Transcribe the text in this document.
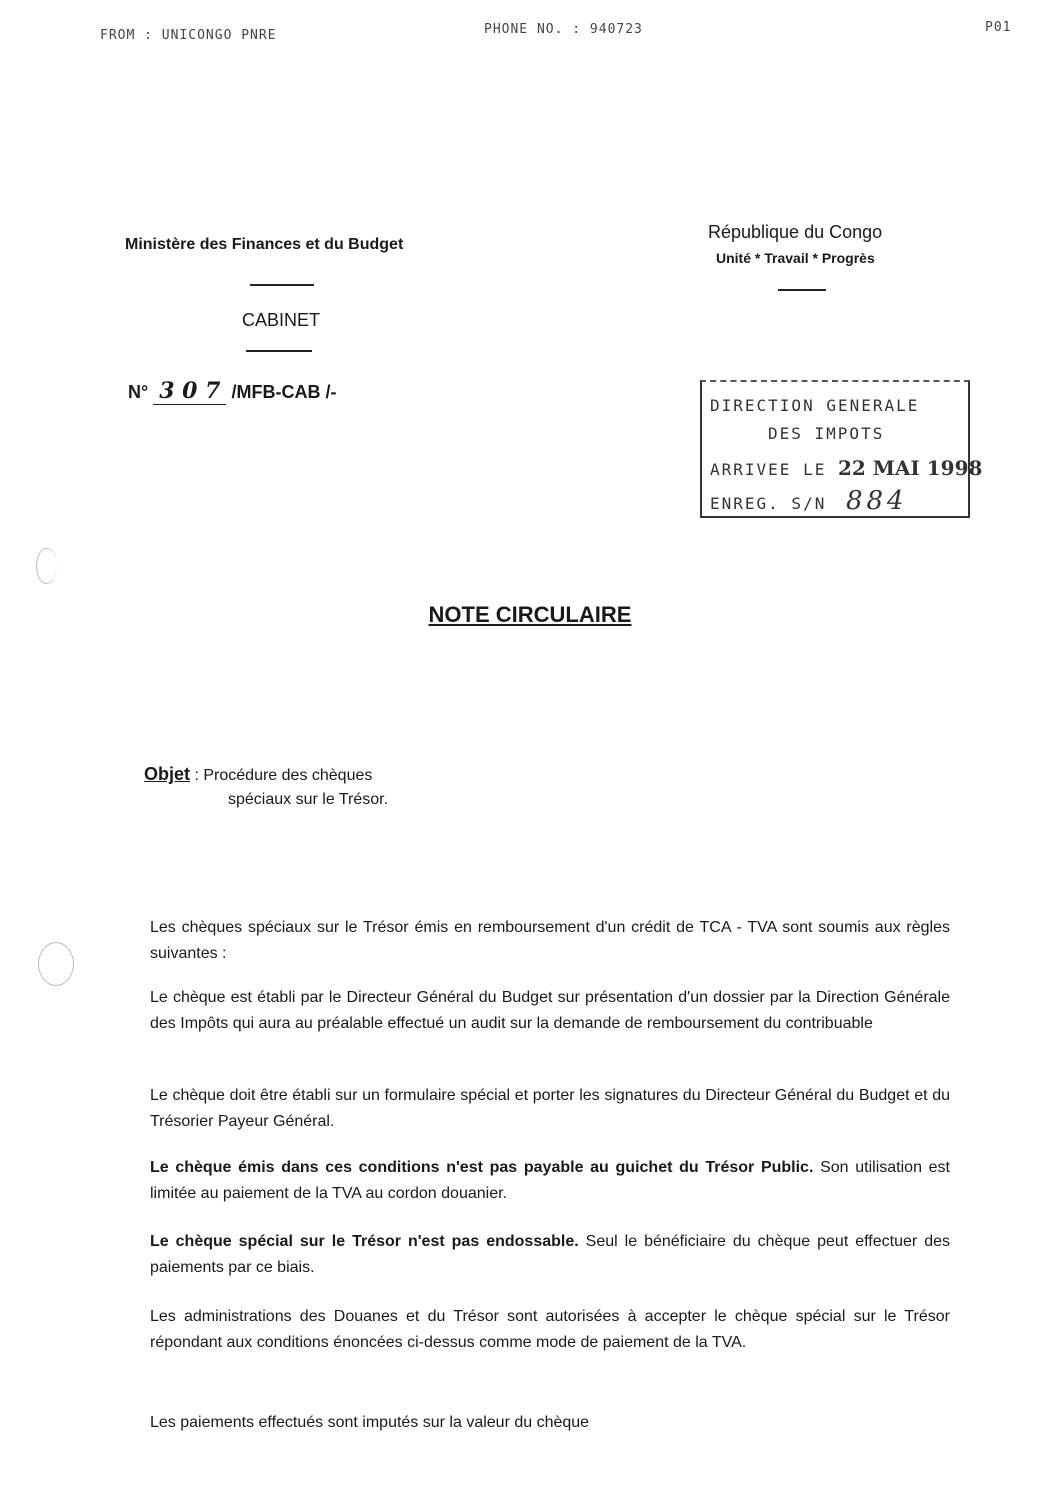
FROM : UNICONGO PNRE	PHONE NO. : 940723	P01
Ministère des Finances et du Budget
CABINET
N° 3 0 7 /MFB-CAB /-
République du Congo
Unité * Travail * Progrès
DIRECTION GENERALE
DES IMPOTS
ARRIVEE LE 22 MAI 1998
ENREG. S/N 884
NOTE CIRCULAIRE
Objet : Procédure des chèques
spéciaux sur le Trésor.
Les chèques spéciaux sur le Trésor émis en remboursement d'un crédit de TCA - TVA sont soumis aux règles suivantes :
Le chèque est établi par le Directeur Général du Budget sur présentation d'un dossier par la Direction Générale des Impôts qui aura au préalable effectué un audit sur la demande de remboursement du contribuable
Le chèque doit être établi sur un formulaire spécial et porter les signatures du Directeur Général du Budget et du Trésorier Payeur Général.
Le chèque émis dans ces conditions n'est pas payable au guichet du Trésor Public. Son utilisation est limitée au paiement de la TVA au cordon douanier.
Le chèque spécial sur le Trésor n'est pas endossable. Seul le bénéficiaire du chèque peut effectuer des paiements par ce biais.
Les administrations des Douanes et du Trésor sont autorisées à accepter le chèque spécial sur le Trésor répondant aux conditions énoncées ci-dessus comme mode de paiement de la TVA.
Les paiements effectués sont imputés sur la valeur du chèque
